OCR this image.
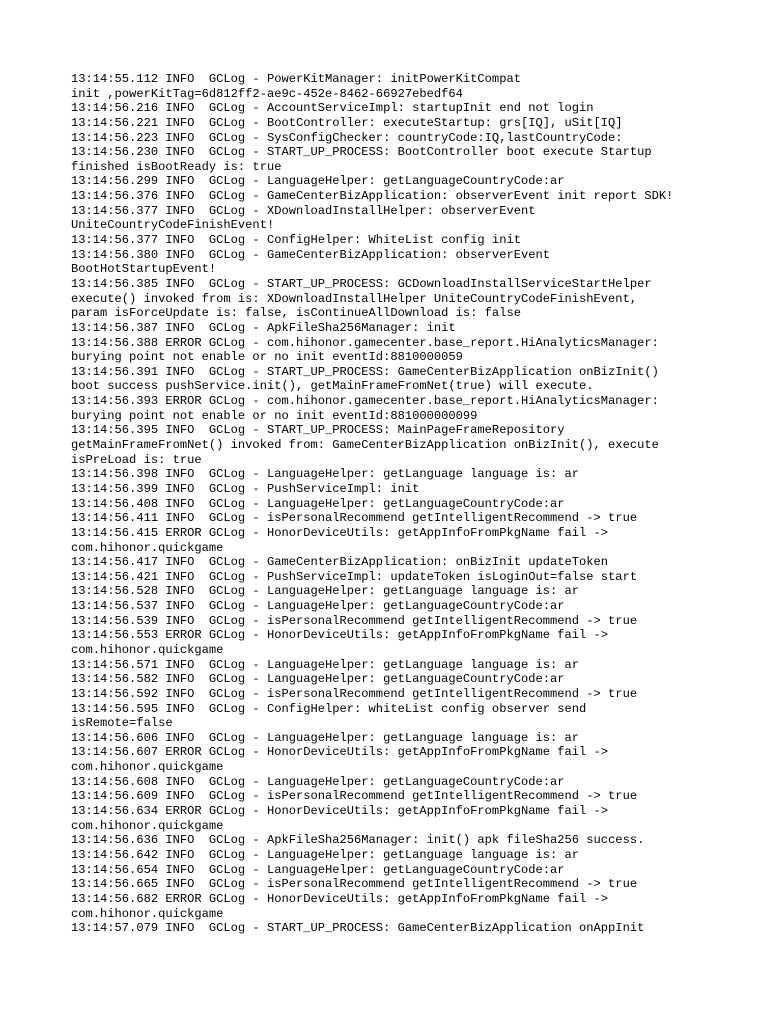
13:14:55.112 INFO  GCLog - PowerKitManager: initPowerKitCompat
init ,powerKitTag=6d812ff2-ae9c-452e-8462-66927ebedf64
13:14:56.216 INFO  GCLog - AccountServiceImpl: startupInit end not login
13:14:56.221 INFO  GCLog - BootController: executeStartup: grs[IQ], uSit[IQ]
13:14:56.223 INFO  GCLog - SysConfigChecker: countryCode:IQ,lastCountryCode:
13:14:56.230 INFO  GCLog - START_UP_PROCESS: BootController boot execute Startup
finished isBootReady is: true
13:14:56.299 INFO  GCLog - LanguageHelper: getLanguageCountryCode:ar
13:14:56.376 INFO  GCLog - GameCenterBizApplication: observerEvent init report SDK!
13:14:56.377 INFO  GCLog - XDownloadInstallHelper: observerEvent
UniteCountryCodeFinishEvent!
13:14:56.377 INFO  GCLog - ConfigHelper: WhiteList config init
13:14:56.380 INFO  GCLog - GameCenterBizApplication: observerEvent
BootHotStartupEvent!
13:14:56.385 INFO  GCLog - START_UP_PROCESS: GCDownloadInstallServiceStartHelper
execute() invoked from is: XDownloadInstallHelper UniteCountryCodeFinishEvent,
param isForceUpdate is: false, isContinueAllDownload is: false
13:14:56.387 INFO  GCLog - ApkFileSha256Manager: init
13:14:56.388 ERROR GCLog - com.hihonor.gamecenter.base_report.HiAnalyticsManager:
burying point not enable or no init eventId:8810000059
13:14:56.391 INFO  GCLog - START_UP_PROCESS: GameCenterBizApplication onBizInit()
boot success pushService.init(), getMainFrameFromNet(true) will execute.
13:14:56.393 ERROR GCLog - com.hihonor.gamecenter.base_report.HiAnalyticsManager:
burying point not enable or no init eventId:881000000099
13:14:56.395 INFO  GCLog - START_UP_PROCESS: MainPageFrameRepository
getMainFrameFromNet() invoked from: GameCenterBizApplication onBizInit(), execute
isPreLoad is: true
13:14:56.398 INFO  GCLog - LanguageHelper: getLanguage language is: ar
13:14:56.399 INFO  GCLog - PushServiceImpl: init
13:14:56.408 INFO  GCLog - LanguageHelper: getLanguageCountryCode:ar
13:14:56.411 INFO  GCLog - isPersonalRecommend getIntelligentRecommend -> true
13:14:56.415 ERROR GCLog - HonorDeviceUtils: getAppInfoFromPkgName fail ->
com.hihonor.quickgame
13:14:56.417 INFO  GCLog - GameCenterBizApplication: onBizInit updateToken
13:14:56.421 INFO  GCLog - PushServiceImpl: updateToken isLoginOut=false start
13:14:56.528 INFO  GCLog - LanguageHelper: getLanguage language is: ar
13:14:56.537 INFO  GCLog - LanguageHelper: getLanguageCountryCode:ar
13:14:56.539 INFO  GCLog - isPersonalRecommend getIntelligentRecommend -> true
13:14:56.553 ERROR GCLog - HonorDeviceUtils: getAppInfoFromPkgName fail ->
com.hihonor.quickgame
13:14:56.571 INFO  GCLog - LanguageHelper: getLanguage language is: ar
13:14:56.582 INFO  GCLog - LanguageHelper: getLanguageCountryCode:ar
13:14:56.592 INFO  GCLog - isPersonalRecommend getIntelligentRecommend -> true
13:14:56.595 INFO  GCLog - ConfigHelper: whiteList config observer send
isRemote=false
13:14:56.606 INFO  GCLog - LanguageHelper: getLanguage language is: ar
13:14:56.607 ERROR GCLog - HonorDeviceUtils: getAppInfoFromPkgName fail ->
com.hihonor.quickgame
13:14:56.608 INFO  GCLog - LanguageHelper: getLanguageCountryCode:ar
13:14:56.609 INFO  GCLog - isPersonalRecommend getIntelligentRecommend -> true
13:14:56.634 ERROR GCLog - HonorDeviceUtils: getAppInfoFromPkgName fail ->
com.hihonor.quickgame
13:14:56.636 INFO  GCLog - ApkFileSha256Manager: init() apk fileSha256 success.
13:14:56.642 INFO  GCLog - LanguageHelper: getLanguage language is: ar
13:14:56.654 INFO  GCLog - LanguageHelper: getLanguageCountryCode:ar
13:14:56.665 INFO  GCLog - isPersonalRecommend getIntelligentRecommend -> true
13:14:56.682 ERROR GCLog - HonorDeviceUtils: getAppInfoFromPkgName fail ->
com.hihonor.quickgame
13:14:57.079 INFO  GCLog - START_UP_PROCESS: GameCenterBizApplication onAppInit
